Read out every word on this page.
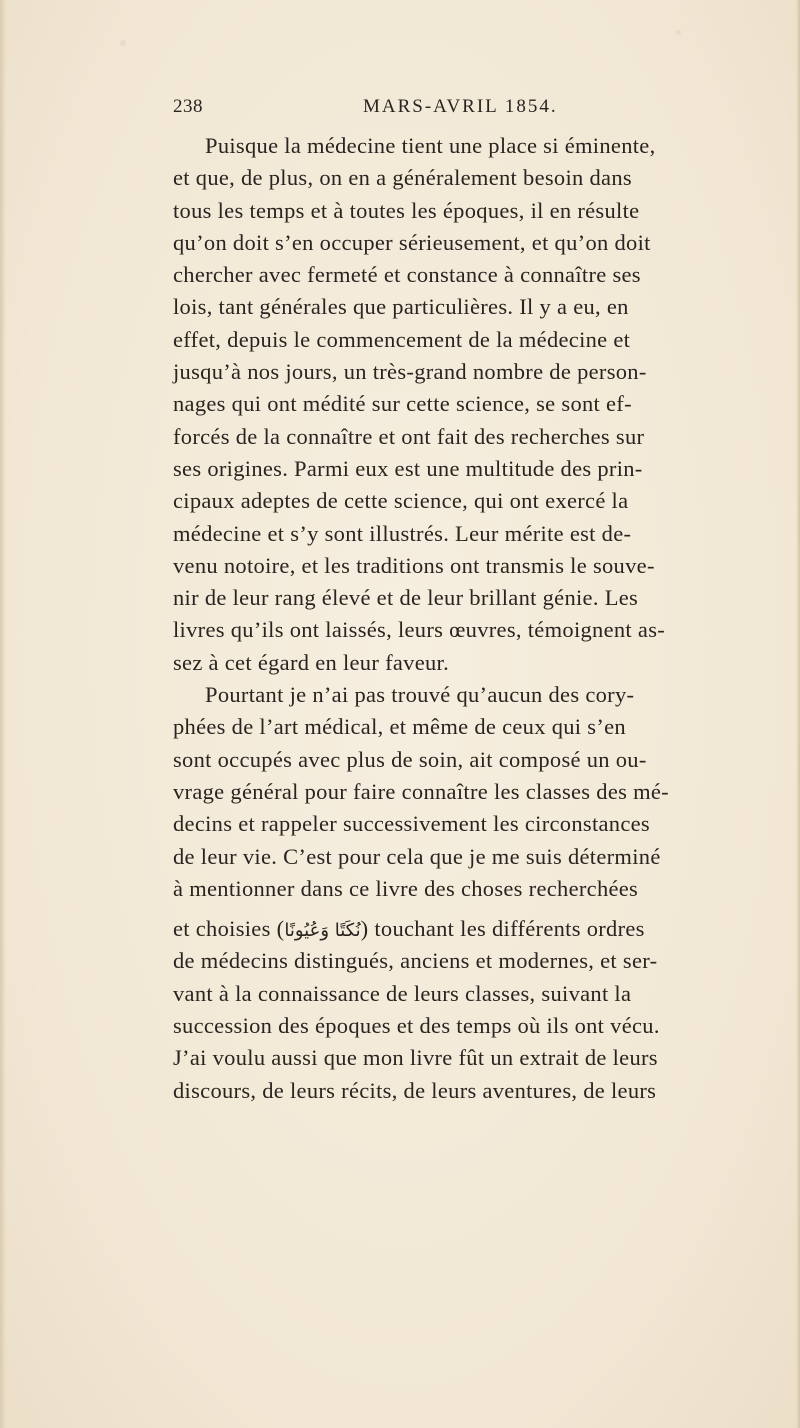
238	MARS-AVRIL 1854.
Puisque la médecine tient une place si éminente,
et que, de plus, on en a généralement besoin dans
tous les temps et à toutes les époques, il en résulte
qu’on doit s’en occuper sérieusement, et qu’on doit
chercher avec fermeté et constance à connaître ses
lois, tant générales que particulières. Il y a eu, en
effet, depuis le commencement de la médecine et
jusqu’à nos jours, un très-grand nombre de person-
nages qui ont médité sur cette science, se sont ef-
forcés de la connaître et ont fait des recherches sur
ses origines. Parmi eux est une multitude des prin-
cipaux adeptes de cette science, qui ont exercé la
médecine et s’y sont illustrés. Leur mérite est de-
venu notoire, et les traditions ont transmis le souve-
nir de leur rang élevé et de leur brillant génie. Les
livres qu’ils ont laissés, leurs œuvres, témoignent as-
sez à cet égard en leur faveur.
Pourtant je n’ai pas trouvé qu’aucun des cory-
phées de l’art médical, et même de ceux qui s’en
sont occupés avec plus de soin, ait composé un ou-
vrage général pour faire connaître les classes des mé-
decins et rappeler successivement les circonstances
de leur vie. C’est pour cela que je me suis déterminé
à mentionner dans ce livre des choses recherchées
et choisies (نُكَتًا وَعُيُونًا) touchant les différents ordres
de médecins distingués, anciens et modernes, et ser-
vant à la connaissance de leurs classes, suivant la
succession des époques et des temps où ils ont vécu.
J’ai voulu aussi que mon livre fût un extrait de leurs
discours, de leurs récits, de leurs aventures, de leurs
